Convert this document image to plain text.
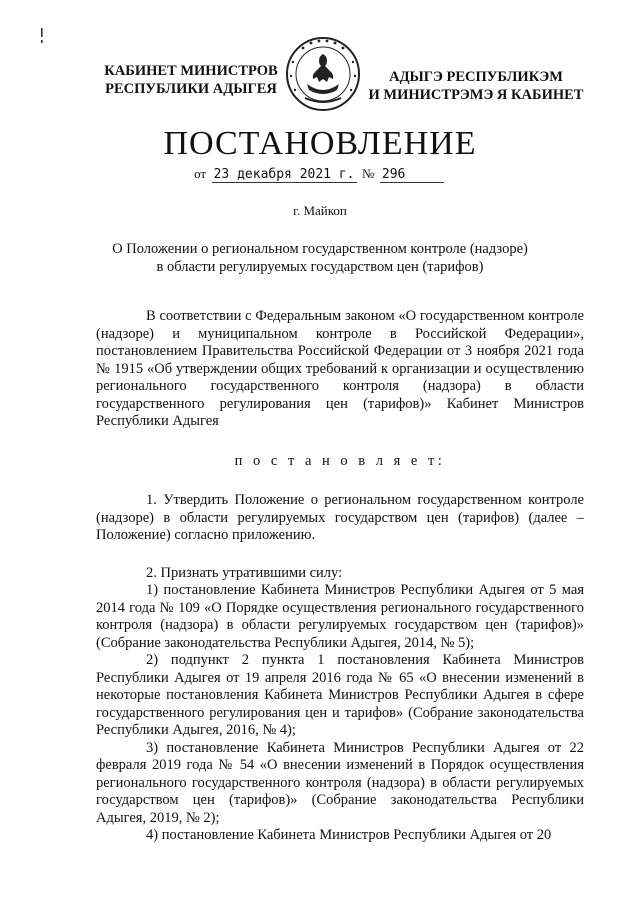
КАБИНЕТ МИНИСТРОВ
РЕСПУБЛИКИ АДЫГЕЯ
АДЫГЭ РЕСПУБЛИКЭМ
И МИНИСТРЭМЭ Я КАБИНЕТ
ПОСТАНОВЛЕНИЕ
от 23 декабря 2021 г. № 296
г. Майкоп
О Положении о региональном государственном контроле (надзоре)
в области регулируемых государством цен (тарифов)

В соответствии с Федеральным законом «О государственном контроле (надзоре) и муниципальном контроле в Российской Федерации», постановлением Правительства Российской Федерации от 3 ноября 2021 года № 1915 «Об утверждении общих требований к организации и осуществлению регионального государственного контроля (надзора) в области государственного регулирования цен (тарифов)» Кабинет Министров Республики Адыгея

п о с т а н о в л я е т:

1. Утвердить Положение о региональном государственном контроле (надзоре) в области регулируемых государством цен (тарифов) (далее – Положение) согласно приложению.

2. Признать утратившими силу:

1) постановление Кабинета Министров Республики Адыгея от 5 мая 2014 года № 109 «О Порядке осуществления регионального государственного контроля (надзора) в области регулируемых государством цен (тарифов)» (Собрание законодательства Республики Адыгея, 2014, № 5);

2) подпункт 2 пункта 1 постановления Кабинета Министров Республики Адыгея от 19 апреля 2016 года № 65 «О внесении изменений в некоторые постановления Кабинета Министров Республики Адыгея в сфере государственного регулирования цен и тарифов» (Собрание законодательства Республики Адыгея, 2016, № 4);

3) постановление Кабинета Министров Республики Адыгея от 22 февраля 2019 года № 54 «О внесении изменений в Порядок осуществления регионального государственного контроля (надзора) в области регулируемых государством цен (тарифов)» (Собрание законодательства Республики Адыгея, 2019, № 2);

4) постановление Кабинета Министров Республики Адыгея от 20
